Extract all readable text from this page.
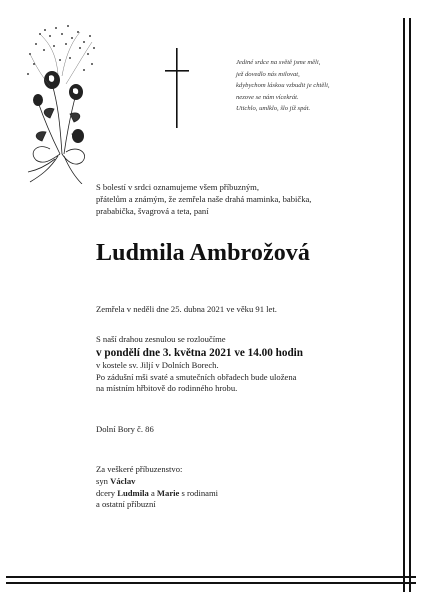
Jediné srdce na světě jsme měli,
jež dovedlo nás milovat,
kdybychom láskou vzbudit je chtěli,
nezove se nám vícekrát.
Utichlo, umlklo, šlo jíž spát.
S bolestí v srdci oznamujeme všem příbuzným,
přátelům a známým, že zemřela naše drahá maminka, babička,
prababička, švagrová a teta, paní
Ludmila Ambrožová
Zemřela v neděli dne 25. dubna 2021 ve věku 91 let.
S naší drahou zesnulou se rozloučíme
v pondělí dne 3. května 2021 ve 14.00 hodin
v kostele sv. Jiljí v Dolních Borech.
Po zádušní mši svaté a smutečních obřadech bude uložena
na místním hřbitově do rodinného hrobu.
Dolní Bory č. 86
Za veškeré příbuzenstvo:
syn Václav
dcery Ludmila a Marie s rodinami
a ostatní příbuzní
